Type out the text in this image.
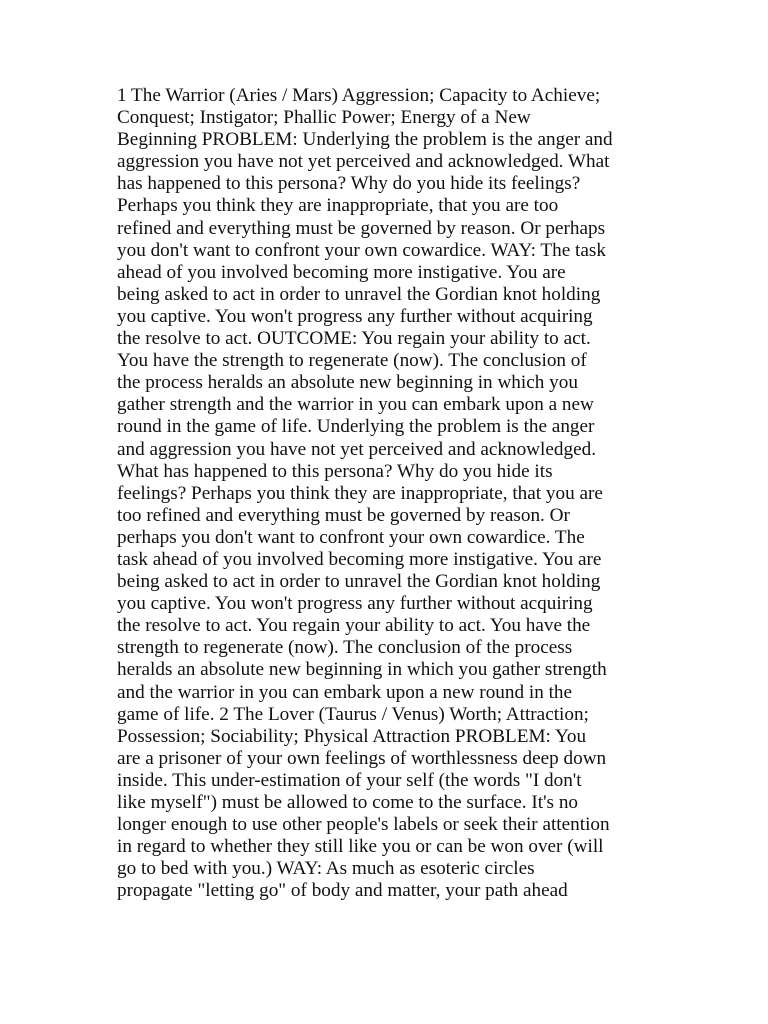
1 The Warrior (Aries / Mars) Aggression; Capacity to Achieve;
Conquest; Instigator; Phallic Power; Energy of a New
Beginning PROBLEM: Underlying the problem is the anger and
aggression you have not yet perceived and acknowledged. What
has happened to this persona? Why do you hide its feelings?
Perhaps you think they are inappropriate, that you are too
refined and everything must be governed by reason. Or perhaps
you don't want to confront your own cowardice. WAY: The task
ahead of you involved becoming more instigative. You are
being asked to act in order to unravel the Gordian knot holding
you captive. You won't progress any further without acquiring
the resolve to act. OUTCOME: You regain your ability to act.
You have the strength to regenerate (now). The conclusion of
the process heralds an absolute new beginning in which you
gather strength and the warrior in you can embark upon a new
round in the game of life. Underlying the problem is the anger
and aggression you have not yet perceived and acknowledged.
What has happened to this persona? Why do you hide its
feelings? Perhaps you think they are inappropriate, that you are
too refined and everything must be governed by reason. Or
perhaps you don't want to confront your own cowardice. The
task ahead of you involved becoming more instigative. You are
being asked to act in order to unravel the Gordian knot holding
you captive. You won't progress any further without acquiring
the resolve to act. You regain your ability to act. You have the
strength to regenerate (now). The conclusion of the process
heralds an absolute new beginning in which you gather strength
and the warrior in you can embark upon a new round in the
game of life. 2 The Lover (Taurus / Venus) Worth; Attraction;
Possession; Sociability; Physical Attraction PROBLEM: You
are a prisoner of your own feelings of worthlessness deep down
inside. This under-estimation of your self (the words "I don't
like myself") must be allowed to come to the surface. It's no
longer enough to use other people's labels or seek their attention
in regard to whether they still like you or can be won over (will
go to bed with you.) WAY: As much as esoteric circles
propagate "letting go" of body and matter, your path ahead
